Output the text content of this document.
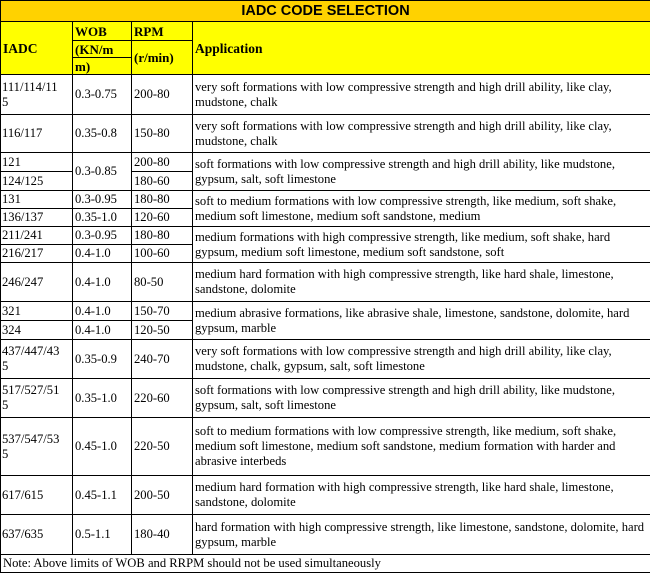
IADC CODE SELECTION			
IADC	WOB	RPM	Application
	(KN/m	(r/min)	
	m)		
111/114/11
5	0.3-0.75	200-80	very soft formations with low compressive strength and high drill ability, like clay, mudstone, chalk
116/117	0.35-0.8	150-80	very soft formations with low compressive strength and high drill ability, like clay, mudstone, chalk
121	0.3-0.85	200-80	soft formations with low compressive strength and high drill ability, like mudstone, gypsum, salt, soft limestone
124/125		180-60	
131	0.3-0.95	180-80	soft to medium formations with low compressive strength, like medium, soft shake, medium soft limestone, medium soft sandstone, medium
136/137	0.35-1.0	120-60	
211/241	0.3-0.95	180-80	medium formations with high compressive strength, like medium, soft shake, hard gypsum, medium soft limestone, medium soft sandstone, soft
216/217	0.4-1.0	100-60	
246/247	0.4-1.0	80-50	medium hard formation with high compressive strength, like hard shale, limestone, sandstone, dolomite
321	0.4-1.0	150-70	medium abrasive formations, like abrasive shale, limestone, sandstone, dolomite, hard gypsum, marble
324	0.4-1.0	120-50	
437/447/43
5	0.35-0.9	240-70	very soft formations with low compressive strength and high drill ability, like clay, mudstone, chalk, gypsum, salt, soft limestone
517/527/51
5	0.35-1.0	220-60	soft formations with low compressive strength and high drill ability, like mudstone, gypsum, salt, soft limestone
537/547/53
5	0.45-1.0	220-50	soft to medium formations with low compressive strength, like medium, soft shake, medium soft limestone, medium soft sandstone, medium formation with harder and abrasive interbeds
617/615	0.45-1.1	200-50	medium hard formation with high compressive strength, like hard shale, limestone, sandstone, dolomite
637/635	0.5-1.1	180-40	hard formation with high compressive strength, like limestone, sandstone, dolomite, hard gypsum, marble
Note: Above limits of WOB and RRPM should not be used simultaneously			
